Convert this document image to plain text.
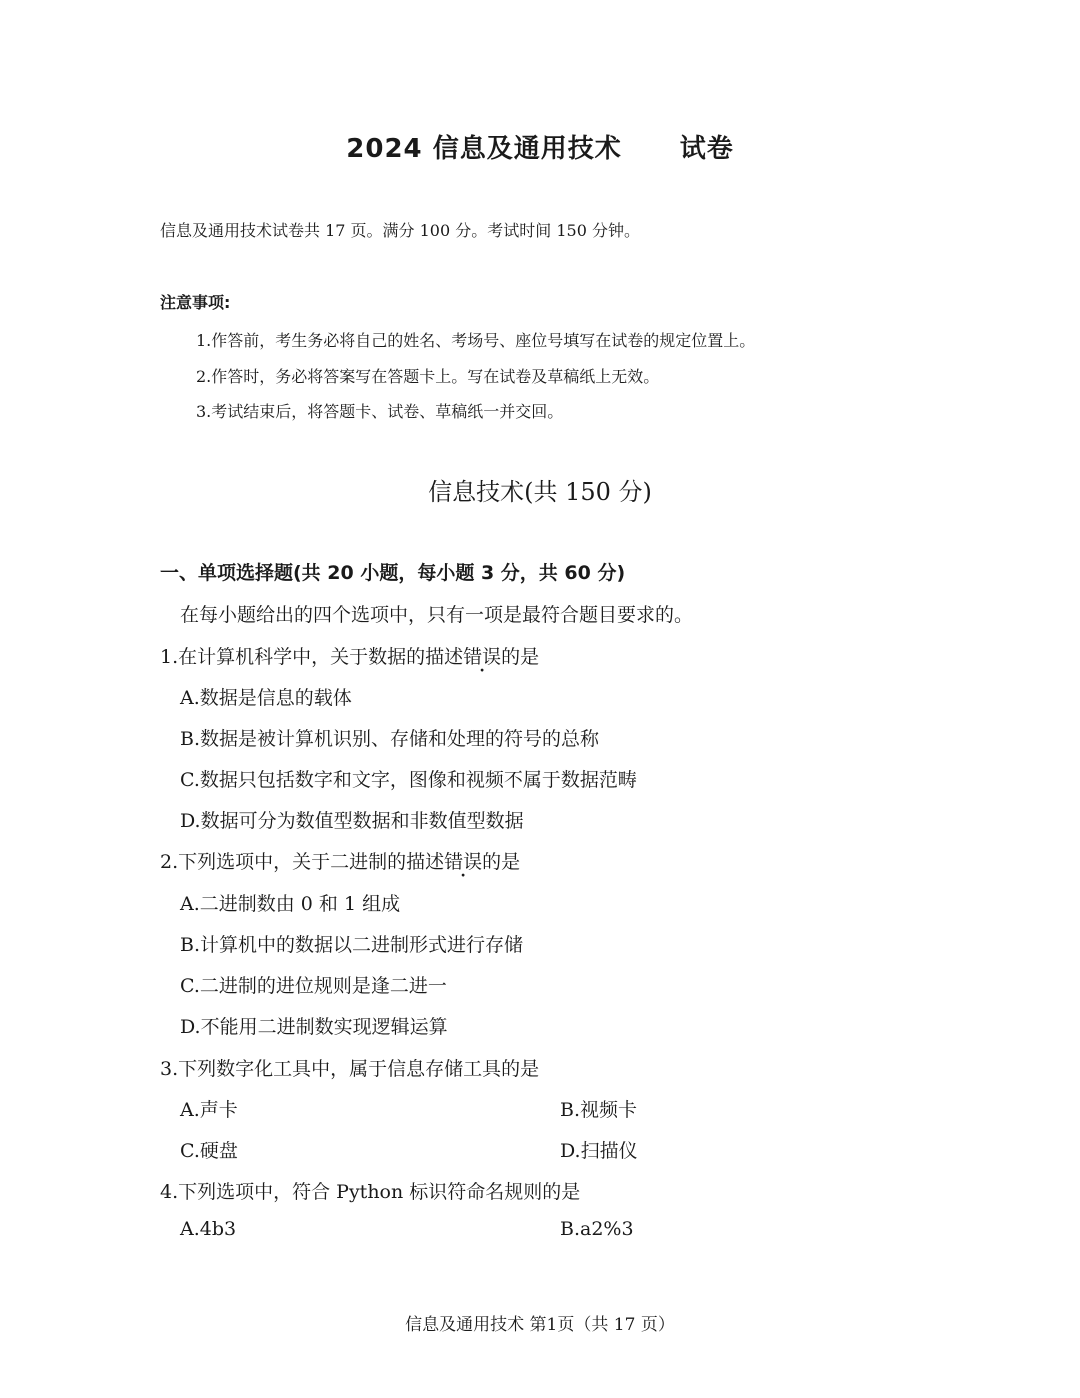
2024 信息及通用技术 试卷
信息及通用技术试卷共 17 页。满分 100 分。考试时间 150 分钟。
注意事项:
1.作答前，考生务必将自己的姓名、考场号、座位号填写在试卷的规定位置上。
2.作答时，务必将答案写在答题卡上。写在试卷及草稿纸上无效。
3.考试结束后，将答题卡、试卷、草稿纸一并交回。
信息技术(共 150 分)
一、单项选择题(共 20 小题，每小题 3 分，共 60 分)
在每小题给出的四个选项中，只有一项是最符合题目要求的。
1.在计算机科学中，关于数据的描述错误的是
A.数据是信息的载体
B.数据是被计算机识别、存储和处理的符号的总称
C.数据只包括数字和文字，图像和视频不属于数据范畴
D.数据可分为数值型数据和非数值型数据
2.下列选项中，关于二进制的描述错误的是
A.二进制数由 0 和 1 组成
B.计算机中的数据以二进制形式进行存储
C.二进制的进位规则是逢二进一
D.不能用二进制数实现逻辑运算
3.下列数字化工具中，属于信息存储工具的是
A.声卡	B.视频卡
C.硬盘	D.扫描仪
4.下列选项中，符合 Python 标识符命名规则的是
A.4b3	B.a2%3
信息及通用技术 第1页（共 17 页）
